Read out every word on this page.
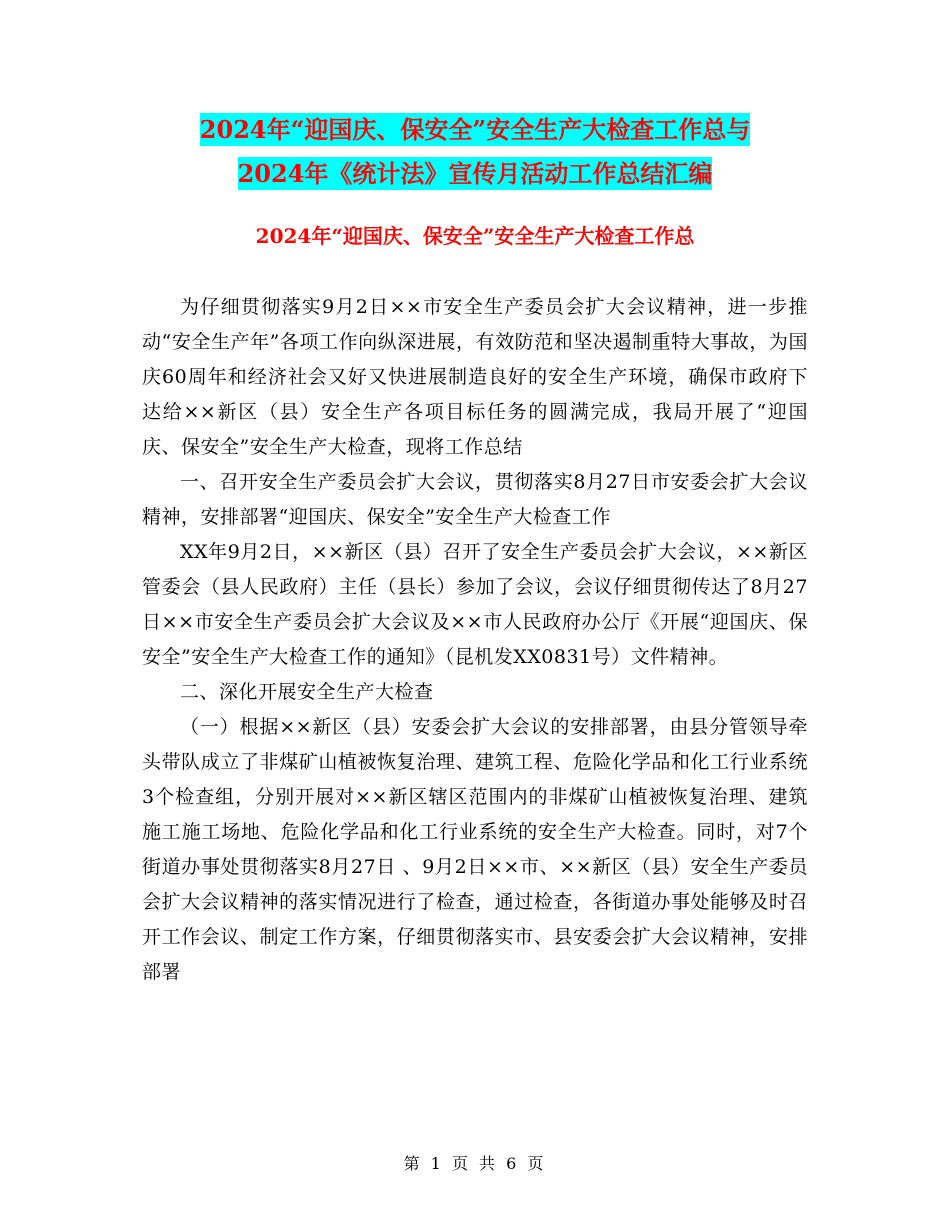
2024年“迎国庆、保安全”安全生产大检查工作总与
2024年《统计法》宣传月活动工作总结汇编
2024年“迎国庆、保安全”安全生产大检查工作总

为仔细贯彻落实9月2日××市安全生产委员会扩大会议精神，进一步推动“安全生产年”各项工作向纵深进展，有效防范和坚决遏制重特大事故，为国庆60周年和经济社会又好又快进展制造良好的安全生产环境，确保市政府下达给××新区（县）安全生产各项目标任务的圆满完成，我局开展了“迎国庆、保安全”安全生产大检查，现将工作总结

一、召开安全生产委员会扩大会议，贯彻落实8月27日市安委会扩大会议精神，安排部署“迎国庆、保安全”安全生产大检查工作

XX年9月2日，××新区（县）召开了安全生产委员会扩大会议，××新区管委会（县人民政府）主任（县长）参加了会议，会议仔细贯彻传达了8月27日××市安全生产委员会扩大会议及××市人民政府办公厅《开展“迎国庆、保安全”安全生产大检查工作的通知》（昆机发XX0831号）文件精神。

二、深化开展安全生产大检查

（一）根据××新区（县）安委会扩大会议的安排部署，由县分管领导牵头带队成立了非煤矿山植被恢复治理、建筑工程、危险化学品和化工行业系统3个检查组，分别开展对××新区辖区范围内的非煤矿山植被恢复治理、建筑施工施工场地、危险化学品和化工行业系统的安全生产大检查。同时，对7个街道办事处贯彻落实8月27日 、9月2日××市、××新区（县）安全生产委员会扩大会议精神的落实情况进行了检查，通过检查，各街道办事处能够及时召开工作会议、制定工作方案，仔细贯彻落实市、县安委会扩大会议精神，安排部署

第 1 页 共 6 页
